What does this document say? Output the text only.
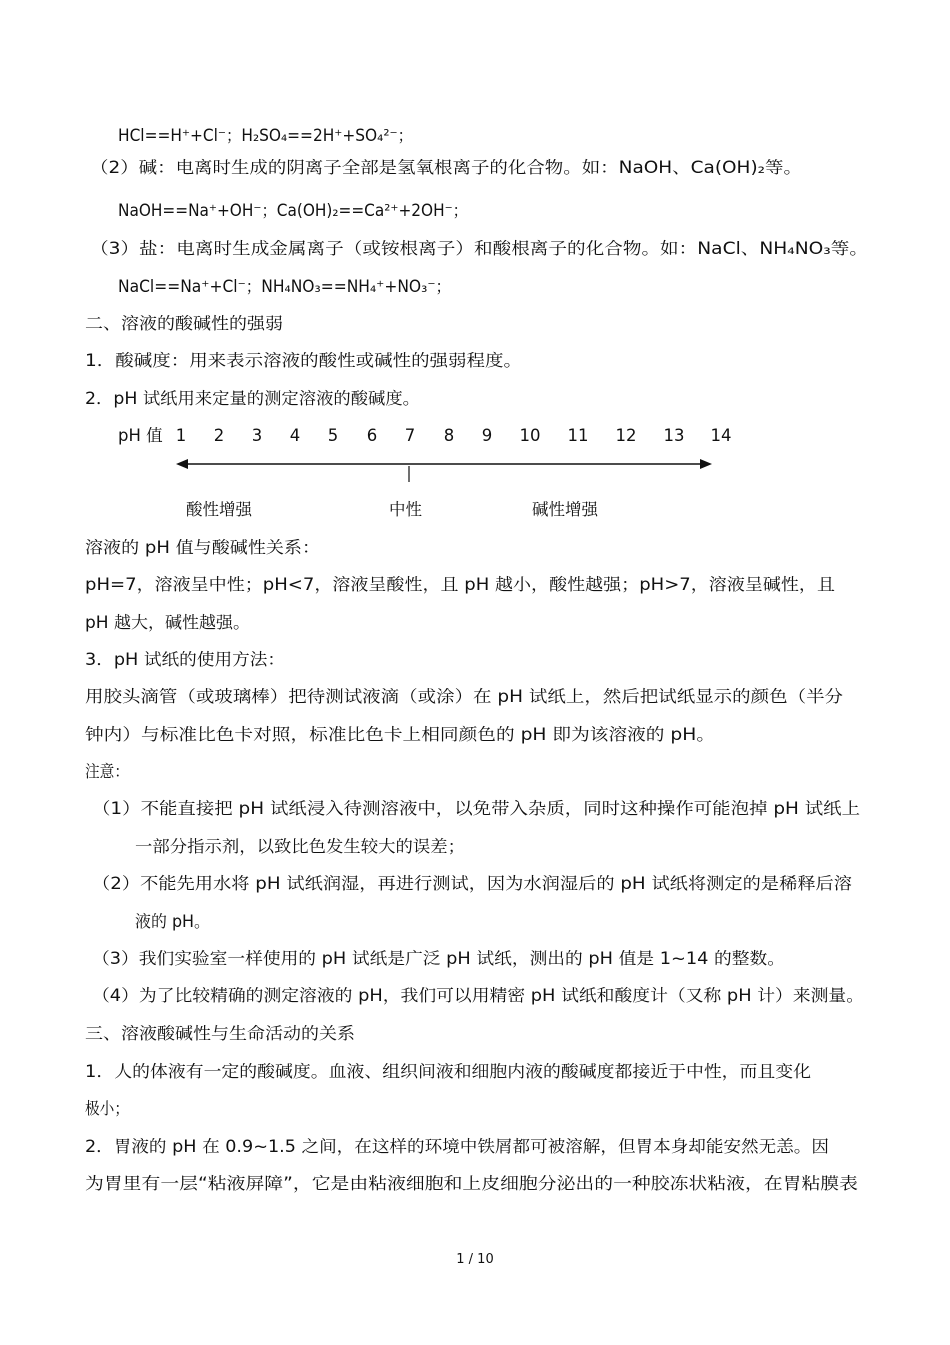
HCl==H⁺+Cl⁻；H₂SO₄==2H⁺+SO₄²⁻；
（2）碱：电离时生成的阴离子全部是氢氧根离子的化合物。如：NaOH、Ca(OH)₂等。
NaOH==Na⁺+OH⁻；Ca(OH)₂==Ca²⁺+2OH⁻；
（3）盐：电离时生成金属离子（或铵根离子）和酸根离子的化合物。如：NaCl、NH₄NO₃等。
NaCl==Na⁺+Cl⁻；NH₄NO₃==NH₄⁺+NO₃⁻；
二、溶液的酸碱性的强弱
1．酸碱度：用来表示溶液的酸性或碱性的强弱程度。
2．pH 试纸用来定量的测定溶液的酸碱度。
pH 值 1 2 3 4 5 6 7 8 9 10 11 12 13 14
酸性增强	中性	碱性增强
溶液的 pH 值与酸碱性关系：
pH=7，溶液呈中性；pH<7，溶液呈酸性，且 pH 越小，酸性越强；pH>7，溶液呈碱性，且
pH 越大，碱性越强。
3．pH 试纸的使用方法：
用胶头滴管（或玻璃棒）把待测试液滴（或涂）在 pH 试纸上，然后把试纸显示的颜色（半分
钟内）与标准比色卡对照，标准比色卡上相同颜色的 pH 即为该溶液的 pH。
注意：
（1）不能直接把 pH 试纸浸入待测溶液中，以免带入杂质，同时这种操作可能泡掉 pH 试纸上
一部分指示剂，以致比色发生较大的误差；
（2）不能先用水将 pH 试纸润湿，再进行测试，因为水润湿后的 pH 试纸将测定的是稀释后溶
液的 pH。
（3）我们实验室一样使用的 pH 试纸是广泛 pH 试纸，测出的 pH 值是 1~14 的整数。
（4）为了比较精确的测定溶液的 pH，我们可以用精密 pH 试纸和酸度计（又称 pH 计）来测量。
三、溶液酸碱性与生命活动的关系
1．人的体液有一定的酸碱度。血液、组织间液和细胞内液的酸碱度都接近于中性，而且变化
极小；
2．胃液的 pH 在 0.9~1.5 之间，在这样的环境中铁屑都可被溶解，但胃本身却能安然无恙。因
为胃里有一层“粘液屏障”，它是由粘液细胞和上皮细胞分泌出的一种胶冻状粘液，在胃粘膜表
1 / 10
